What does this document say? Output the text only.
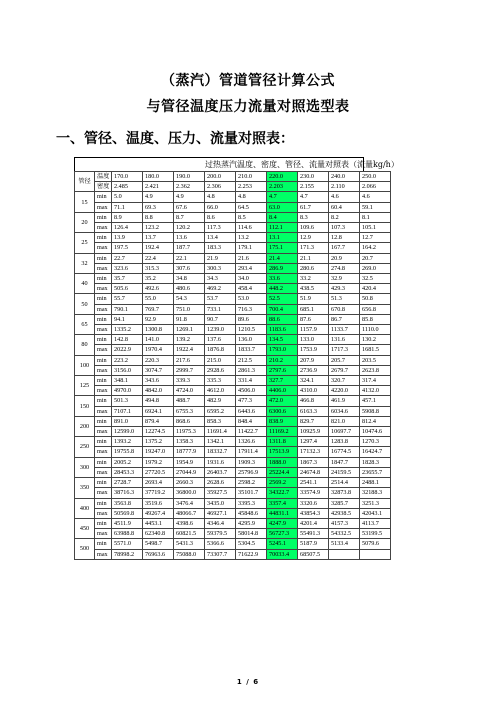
（蒸汽）管道管径计算公式
与管径温度压力流量对照选型表
一、管径、温度、压力、流量对照表：
过热蒸汽温度、密度、管径、流量对照表（流量kg/h）
管径	温度	170.0	180.0	190.0	200.0	210.0	220.0	230.0	240.0	250.0
	密度	2.485	2.421	2.362	2.306	2.253	2.203	2.155	2.110	2.066
15	min	5.0	4.9	4.9	4.8	4.8	4.7	4.7	4.6	4.6
	max	71.1	69.3	67.6	66.0	64.5	63.0	61.7	60.4	59.1
20	min	8.9	8.8	8.7	8.6	8.5	8.4	8.3	8.2	8.1
	max	126.4	123.2	120.2	117.3	114.6	112.1	109.6	107.3	105.1
25	min	13.9	13.7	13.6	13.4	13.2	13.1	12.9	12.8	12.7
	max	197.5	192.4	187.7	183.3	179.1	175.1	171.3	167.7	164.2
32	min	22.7	22.4	22.1	21.9	21.6	21.4	21.1	20.9	20.7
	max	323.6	315.3	307.6	300.3	293.4	286.9	280.6	274.8	269.0
40	min	35.7	35.2	34.8	34.3	34.0	33.6	33.2	32.9	32.5
	max	505.6	492.6	480.6	469.2	458.4	448.2	438.5	429.3	420.4
50	min	55.7	55.0	54.3	53.7	53.0	52.5	51.9	51.3	50.8
	max	790.1	769.7	751.0	733.1	716.3	700.4	685.1	670.8	656.8
65	min	94.1	92.9	91.8	90.7	89.6	88.6	87.6	86.7	85.8
	max	1335.2	1300.8	1269.1	1239.0	1210.5	1183.6	1157.9	1133.7	1110.0
80	min	142.8	141.0	139.2	137.6	136.0	134.5	133.0	131.6	130.2
	max	2022.9	1970.4	1922.4	1876.8	1833.7	1793.0	1753.9	1717.3	1681.5
100	min	223.2	220.3	217.6	215.0	212.5	210.2	207.9	205.7	203.5
	max	3156.0	3074.7	2999.7	2928.6	2861.3	2797.6	2736.9	2679.7	2623.8
125	min	348.1	343.6	339.3	335.3	331.4	327.7	324.1	320.7	317.4
	max	4970.0	4842.0	4724.0	4612.0	4506.0	4406.0	4310.0	4220.0	4132.0
150	min	501.3	494.8	488.7	482.9	477.3	472.0	466.8	461.9	457.1
	max	7107.1	6924.1	6755.3	6595.2	6443.6	6300.6	6163.3	6034.6	5908.8
200	min	891.0	879.4	868.6	858.3	848.4	838.9	829.7	821.0	812.4
	max	12599.0	12274.5	11975.3	11691.4	11422.7	11169.2	10925.9	10697.7	10474.6
250	min	1393.2	1375.2	1358.3	1342.1	1326.6	1311.8	1297.4	1283.8	1270.3
	max	19755.8	19247.0	18777.9	18332.7	17911.4	17513.9	17132.3	16774.5	16424.7
300	min	2005.2	1979.2	1954.9	1931.6	1909.3	1888.0	1867.3	1847.7	1828.3
	max	28453.3	27720.5	27044.9	26403.7	25796.9	25224.4	24674.8	24159.5	23655.7
350	min	2728.7	2693.4	2660.3	2628.6	2598.2	2569.2	2541.1	2514.4	2488.1
	max	38716.3	37719.2	36800.0	35927.5	35101.7	34322.7	33574.9	32873.8	32188.3
400	min	3563.8	3519.6	3476.4	3435.0	3395.3	3357.4	3320.6	3285.7	3251.3
	max	50569.8	49267.4	48066.7	46927.1	45848.6	44831.1	43854.3	42938.5	42043.1
450	min	4511.9	4453.1	4398.6	4346.4	4295.9	4247.9	4201.4	4157.3	4113.7
	max	63988.8	62340.8	60821.5	59379.5	58014.8	56727.3	55491.3	54332.5	53199.5
500	min	5571.0	5498.7	5431.3	5366.6	5304.5	5245.1	5187.9	5133.4	5079.6
	max	78998.2	76963.6	75088.0	73307.7	71622.9	70033.4	68507.5		
1 / 6
